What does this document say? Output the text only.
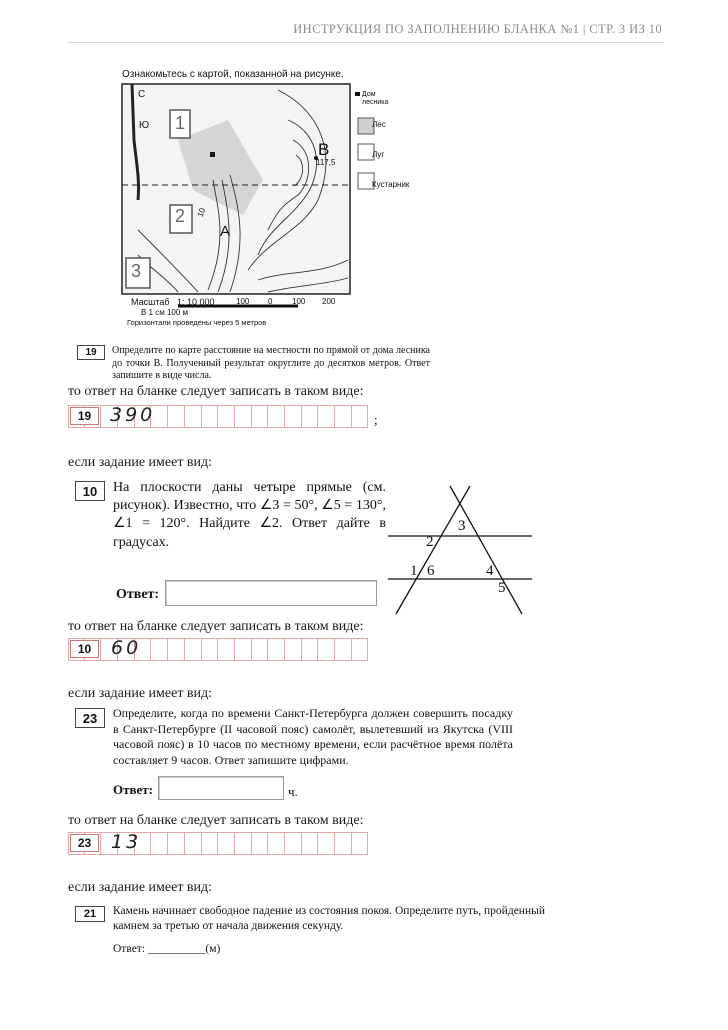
ИНСТРУКЦИЯ ПО ЗАПОЛНЕНИЮ БЛАНКА №1 | СТР. 3 ИЗ 10
Ознакомьтесь с картой, показанной на рисунке.
С
Ю 1
2
3
В
117,5
А
10
Дом лесника
Лес
Луг
Кустарник
Масштаб   1: 10 000
В 1 см 100 м
Горизонтали проведены через 5 метров
100 0 100 200
19	Определите по карте расстояние на местности по прямой от дома лесника до точки В. Полученный результат округлите до десятков метров. Ответ запишите в виде числа.
то ответ на бланке следует записать в таком виде:
19 390	;
если задание имеет вид:
10	На плоскости даны четыре прямые (см. рисунок). Известно, что ∠3 = 50°, ∠5 = 130°, ∠1 = 120°. Найдите ∠2. Ответ дайте в градусах.
Ответ:
3
2
1 6	4
5
то ответ на бланке следует записать в таком виде:
10	60
если задание имеет вид:
23	Определите, когда по времени Санкт-Петербурга должен совершить посадку в Санкт-Петербурге (II часовой пояс) самолёт, вылетевший из Якутска (VIII часовой пояс) в 10 часов по местному времени, если расчётное время полёта составляет 9 часов. Ответ запишите цифрами.
Ответ:	ч.
то ответ на бланке следует записать в таком виде:
23	13
если задание имеет вид:
21	Камень начинает свободное падение из состояния покоя. Определите путь, пройденный камнем за третью от начала движения секунду.
Ответ: __________(м)
